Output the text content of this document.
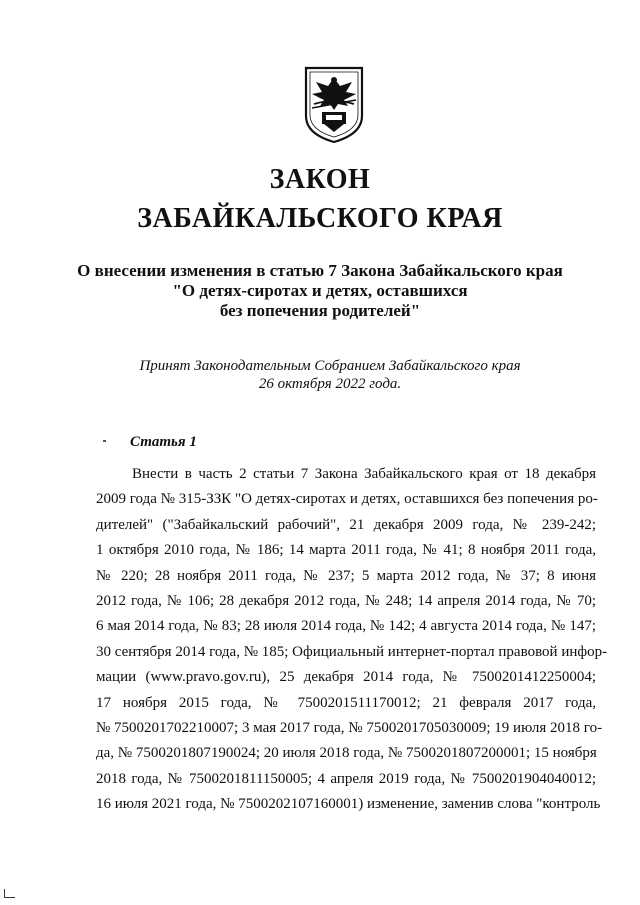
ЗАКОН
ЗАБАЙКАЛЬСКОГО КРАЯ
О внесении изменения в статью 7 Закона Забайкальского края
"О детях-сиротах и детях, оставшихся
без попечения родителей"
Принят Законодательным Собранием Забайкальского края
26 октября 2022 года.
Статья 1
Внести в часть 2 статьи 7 Закона Забайкальского края от 18 декабря
2009 года № 315-ЗЗК "О детях-сиротах и детях, оставшихся без попечения ро-
дителей" ("Забайкальский рабочий", 21 декабря 2009 года, № 239-242;
1 октября 2010 года, № 186; 14 марта 2011 года, № 41; 8 ноября 2011 года,
№ 220; 28 ноября 2011 года, № 237; 5 марта 2012 года, № 37; 8 июня
2012 года, № 106; 28 декабря 2012 года, № 248; 14 апреля 2014 года, № 70;
6 мая 2014 года, № 83; 28 июля 2014 года, № 142; 4 августа 2014 года, № 147;
30 сентября 2014 года, № 185; Официальный интернет-портал правовой инфор-
мации (www.pravo.gov.ru), 25 декабря 2014 года, № 7500201412250004;
17 ноября 2015 года, № 7500201511170012; 21 февраля 2017 года,
№ 7500201702210007; 3 мая 2017 года, № 7500201705030009; 19 июля 2018 го-
да, № 7500201807190024; 20 июля 2018 года, № 7500201807200001; 15 ноября
2018 года, № 7500201811150005; 4 апреля 2019 года, № 7500201904040012;
16 июля 2021 года, № 7500202107160001) изменение, заменив слова "контроль
